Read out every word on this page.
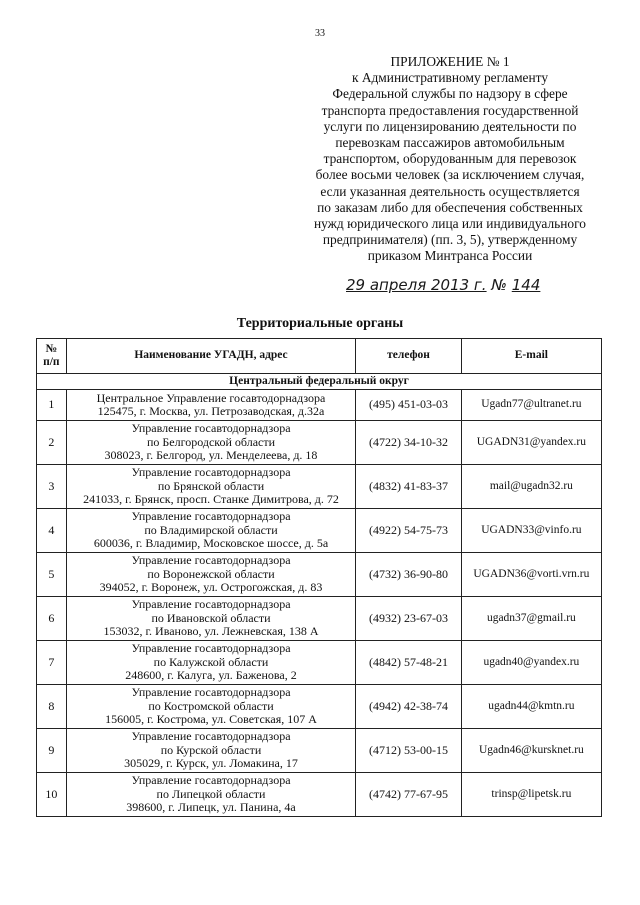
33
ПРИЛОЖЕНИЕ № 1
к Административному регламенту
Федеральной службы по надзору в сфере
транспорта предоставления государственной
услуги по лицензированию деятельности по
перевозкам пассажиров автомобильным
транспортом, оборудованным для перевозок
более восьми человек (за исключением случая,
если указанная деятельность осуществляется
по заказам либо для обеспечения собственных
нужд юридического лица или индивидуального
предпринимателя) (пп. 3, 5), утвержденному
приказом Минтранса России
29 апреля 2013 г. № 144
Территориальные органы
№
п/п	Наименование УГАДН, адрес	телефон	E-mail
Центральный федеральный округ			
1	Центральное Управление госавтодорнадзора
125475, г. Москва, ул. Петрозаводская, д.32а	(495) 451-03-03	Ugadn77@ultranet.ru
2	Управление госавтодорнадзора
по Белгородской области
308023, г. Белгород, ул. Менделеева, д. 18	(4722) 34-10-32	UGADN31@yandex.ru
3	Управление госавтодорнадзора
по Брянской области
241033, г. Брянск, просп. Станке Димитрова, д. 72	(4832) 41-83-37	mail@ugadn32.ru
4	Управление госавтодорнадзора
по Владимирской области
600036, г. Владимир, Московское шоссе, д. 5а	(4922) 54-75-73	UGADN33@vinfo.ru
5	Управление госавтодорнадзора
по Воронежской области
394052, г. Воронеж, ул. Острогожская, д. 83	(4732) 36-90-80	UGADN36@vorti.vrn.ru
6	Управление госавтодорнадзора
по Ивановской области
153032, г. Иваново, ул. Лежневская, 138 А	(4932) 23-67-03	ugadn37@gmail.ru
7	Управление госавтодорнадзора
по Калужской области
248600, г. Калуга, ул. Баженова, 2	(4842) 57-48-21	ugadn40@yandex.ru
8	Управление госавтодорнадзора
по Костромской области
156005, г. Кострома, ул. Советская, 107 А	(4942) 42-38-74	ugadn44@kmtn.ru
9	Управление госавтодорнадзора
по Курской области
305029, г. Курск, ул. Ломакина, 17	(4712) 53-00-15	Ugadn46@kursknet.ru
10	Управление госавтодорнадзора
по Липецкой области
398600, г. Липецк, ул. Панина, 4а	(4742) 77-67-95	trinsp@lipetsk.ru
